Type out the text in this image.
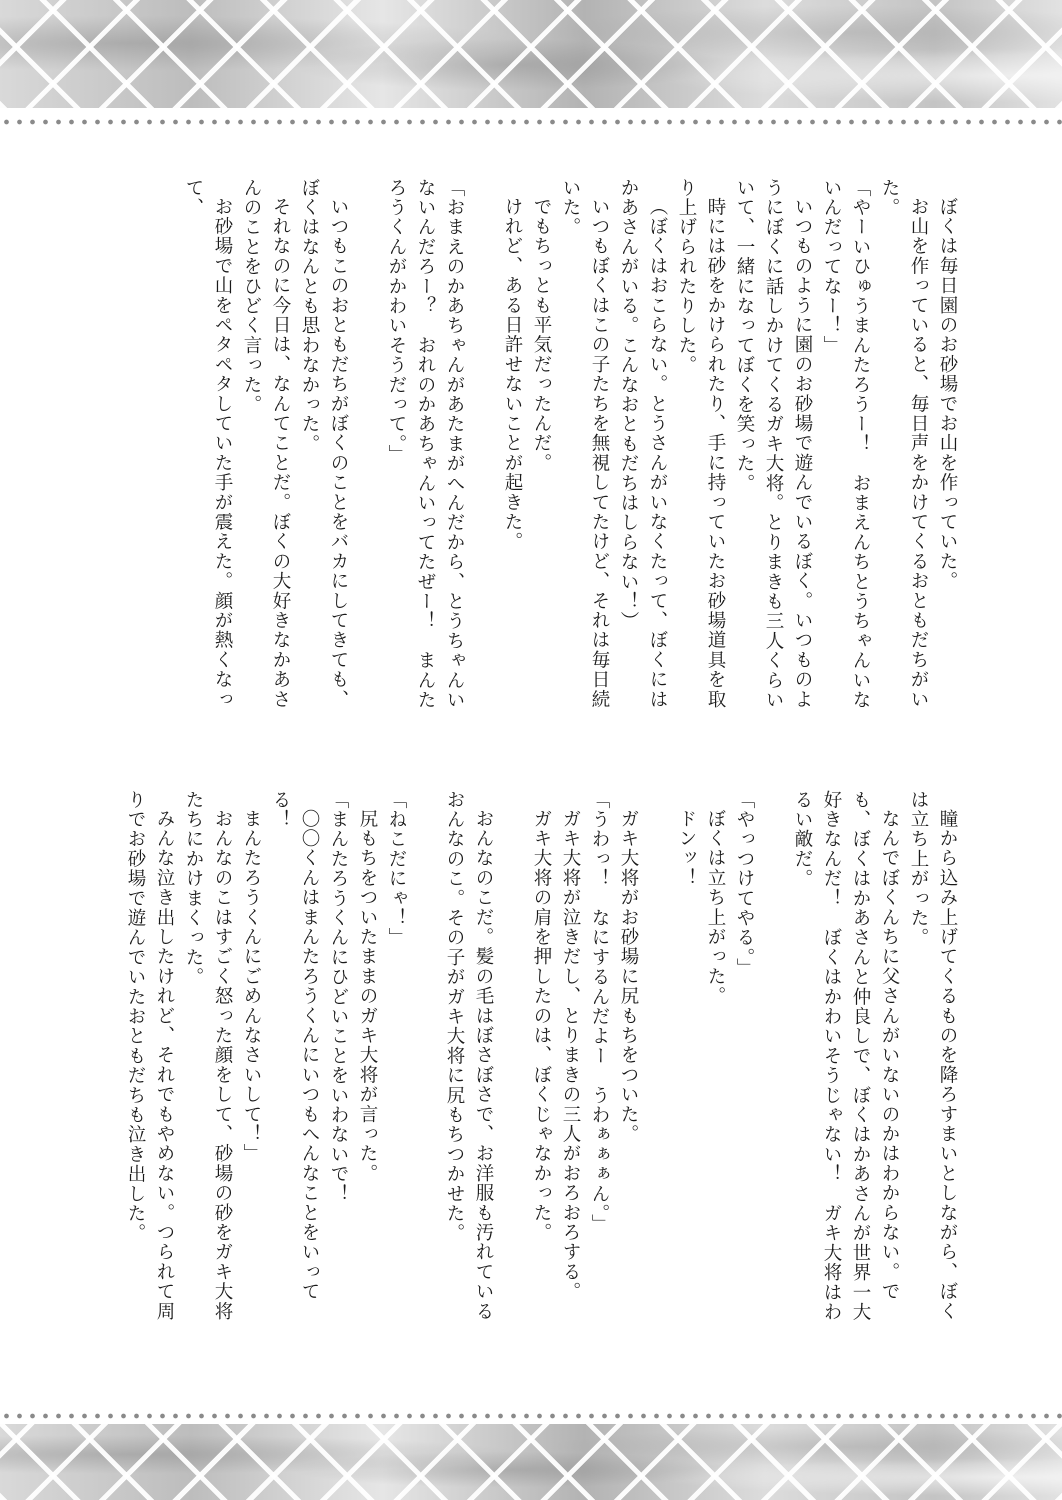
ぼくは毎日園のお砂場でお山を作っていた。

お山を作っていると、毎日声をかけてくるおともだちがいた。

「やーいひゅうまんたろうー！　おまえんちとうちゃんいないんだってなー！」

いつものように園のお砂場で遊んでいるぼく。いつものようにぼくに話しかけてくるガキ大将。とりまきも三人くらいいて、一緒になってぼくを笑った。

時には砂をかけられたり、手に持っていたお砂場道具を取り上げられたりした。

（ぼくはおこらない。とうさんがいなくたって、ぼくにはかあさんがいる。こんなおともだちはしらない！）

いつもぼくはこの子たちを無視してたけど、それは毎日続いた。

でもちっとも平気だったんだ。

けれど、ある日許せないことが起きた。

「おまえのかあちゃんがあたまがへんだから、とうちゃんいないんだろー？　おれのかあちゃんいってたぜー！　まんたろうくんがかわいそうだって。」

いつもこのおともだちがぼくのことをバカにしてきても、ぼくはなんとも思わなかった。

それなのに今日は、なんてことだ。ぼくの大好きなかあさんのことをひどく言った。

お砂場で山をペタペタしていた手が震えた。顔が熱くなって、

瞳から込み上げてくるものを降ろすまいとしながら、ぼくは立ち上がった。

なんでぼくんちに父さんがいないのかはわからない。でも、ぼくはかあさんと仲良しで、ぼくはかあさんが世界一大好きなんだ！　ぼくはかわいそうじゃない！　ガキ大将はわるい敵だ。

「やっつけてやる。」

ぼくは立ち上がった。

ドンッ！

ガキ大将がお砂場に尻もちをついた。

「うわっ！　なにするんだよー　うわぁぁぁん。」

ガキ大将が泣きだし、とりまきの三人がおろおろする。

ガキ大将の肩を押したのは、ぼくじゃなかった。

おんなのこだ。髪の毛はぼさぼさで、お洋服も汚れているおんなのこ。その子がガキ大将に尻もちつかせた。

「ねこだにゃ！」

尻もちをついたままのガキ大将が言った。

「まんたろうくんにひどいことをいわないで！

〇〇くんはまんたろうくんにいつもへんなことをいってる！

まんたろうくんにごめんなさいして！」

おんなのこはすごく怒った顔をして、砂場の砂をガキ大将たちにかけまくった。

みんな泣き出したけれど、それでもやめない。つられて周りでお砂場で遊んでいたおともだちも泣き出した。
